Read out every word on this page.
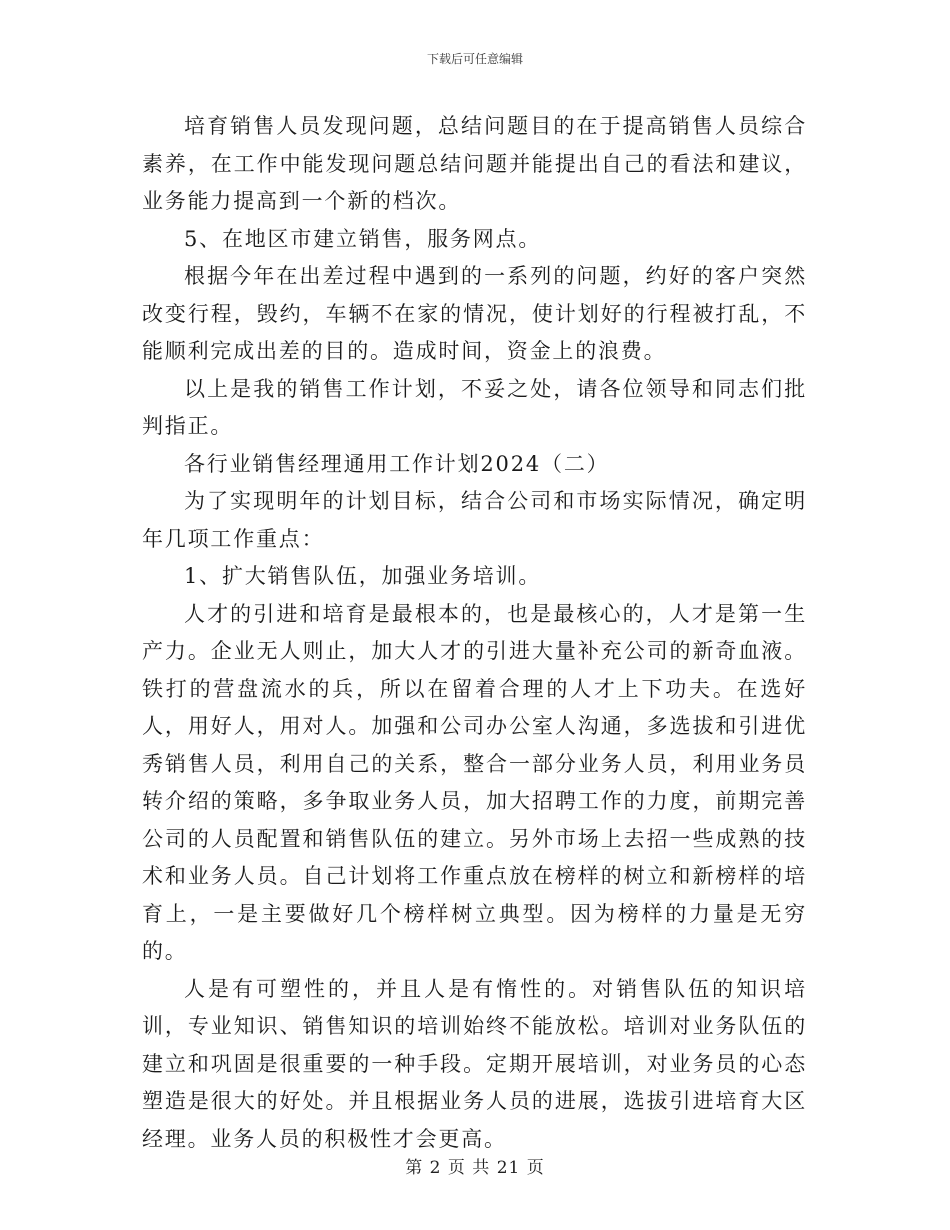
下载后可任意编辑

培育销售人员发现问题，总结问题目的在于提高销售人员综合素养，在工作中能发现问题总结问题并能提出自己的看法和建议，业务能力提高到一个新的档次。

5、在地区市建立销售，服务网点。

根据今年在出差过程中遇到的一系列的问题，约好的客户突然改变行程，毁约，车辆不在家的情况，使计划好的行程被打乱，不能顺利完成出差的目的。造成时间，资金上的浪费。

以上是我的销售工作计划，不妥之处，请各位领导和同志们批判指正。

各行业销售经理通用工作计划2024（二）

为了实现明年的计划目标，结合公司和市场实际情况，确定明年几项工作重点：

1、扩大销售队伍，加强业务培训。

人才的引进和培育是最根本的，也是最核心的，人才是第一生产力。企业无人则止，加大人才的引进大量补充公司的新奇血液。铁打的营盘流水的兵，所以在留着合理的人才上下功夫。在选好人，用好人，用对人。加强和公司办公室人沟通，多选拔和引进优秀销售人员，利用自己的关系，整合一部分业务人员，利用业务员转介绍的策略，多争取业务人员，加大招聘工作的力度，前期完善公司的人员配置和销售队伍的建立。另外市场上去招一些成熟的技术和业务人员。自己计划将工作重点放在榜样的树立和新榜样的培育上，一是主要做好几个榜样树立典型。因为榜样的力量是无穷的。

人是有可塑性的，并且人是有惰性的。对销售队伍的知识培训，专业知识、销售知识的培训始终不能放松。培训对业务队伍的建立和巩固是很重要的一种手段。定期开展培训，对业务员的心态塑造是很大的好处。并且根据业务人员的进展，选拔引进培育大区经理。业务人员的积极性才会更高。

第 2 页 共 21 页
